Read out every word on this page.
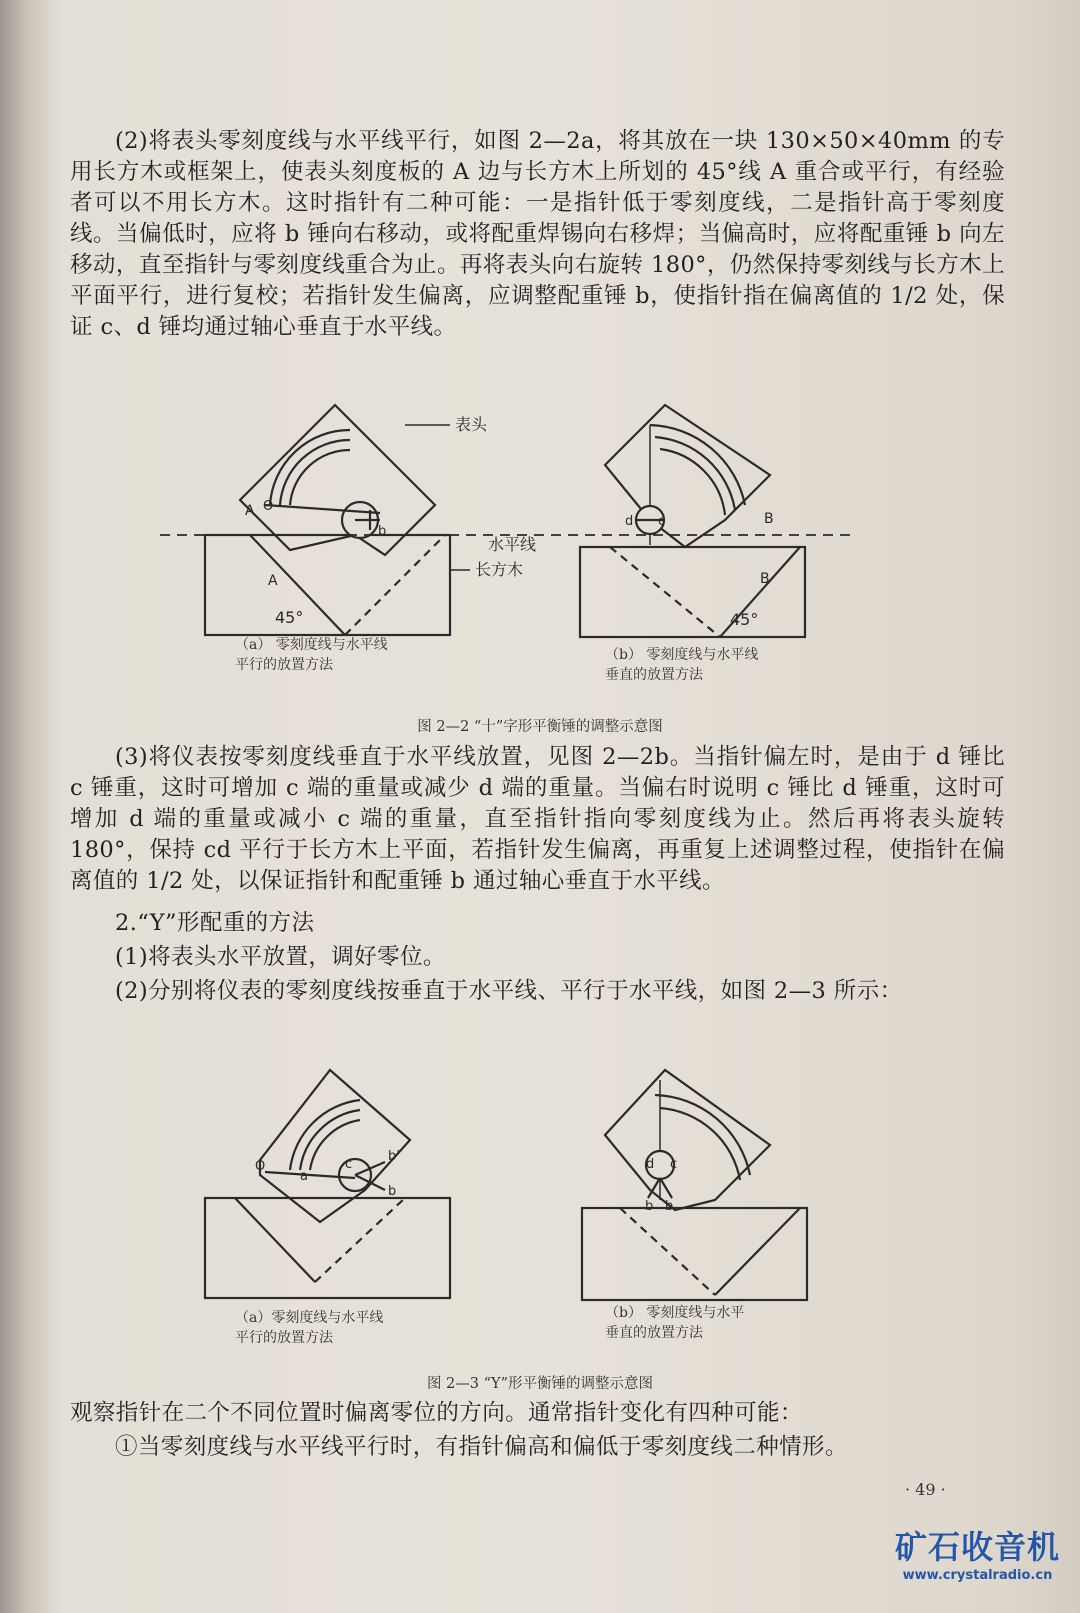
(2)将表头零刻度线与水平线平行，如图 2—2a，将其放在一块 130×50×40mm 的专用长方木或框架上，使表头刻度板的 A 边与长方木上所划的 45°线 A 重合或平行，有经验者可以不用长方木。这时指针有二种可能：一是指针低于零刻度线，二是指针高于零刻度线。当偏低时，应将 b 锤向右移动，或将配重焊锡向右移焊；当偏高时，应将配重锤 b 向左移动，直至指针与零刻度线重合为止。再将表头向右旋转 180°，仍然保持零刻线与长方木上平面平行，进行复校；若指针发生偏离，应调整配重锤 b，使指针指在偏离值的 1/2 处，保证 c、d 锤均通过轴心垂直于水平线。
表头
水平线
长方木
45°	45°
A
A
B
B
O
b
c
d
（a） 零刻度线与水平线
平行的放置方法
（b） 零刻度线与水平线
垂直的放置方法
图 2—2 “十”字形平衡锤的调整示意图
(3)将仪表按零刻度线垂直于水平线放置，见图 2—2b。当指针偏左时，是由于 d 锤比 c 锤重，这时可增加 c 端的重量或减少 d 端的重量。当偏右时说明 c 锤比 d 锤重，这时可增加 d 端的重量或减小 c 端的重量，直至指针指向零刻度线为止。然后再将表头旋转 180°，保持 cd 平行于长方木上平面，若指针发生偏离，再重复上述调整过程，使指针在偏离值的 1/2 处，以保证指针和配重锤 b 通过轴心垂直于水平线。
2.“Y”形配重的方法
(1)将表头水平放置，调好零位。
(2)分别将仪表的零刻度线按垂直于水平线、平行于水平线，如图 2—3 所示：
O
a
c
b'
b
d c
b b
（a）零刻度线与水平线
平行的放置方法
（b） 零刻度线与水平
垂直的放置方法
图 2—3 “Y”形平衡锤的调整示意图
观察指针在二个不同位置时偏离零位的方向。通常指针变化有四种可能：
①当零刻度线与水平线平行时，有指针偏高和偏低于零刻度线二种情形。
· 49 ·
矿石收音机
www.crystalradio.cn
